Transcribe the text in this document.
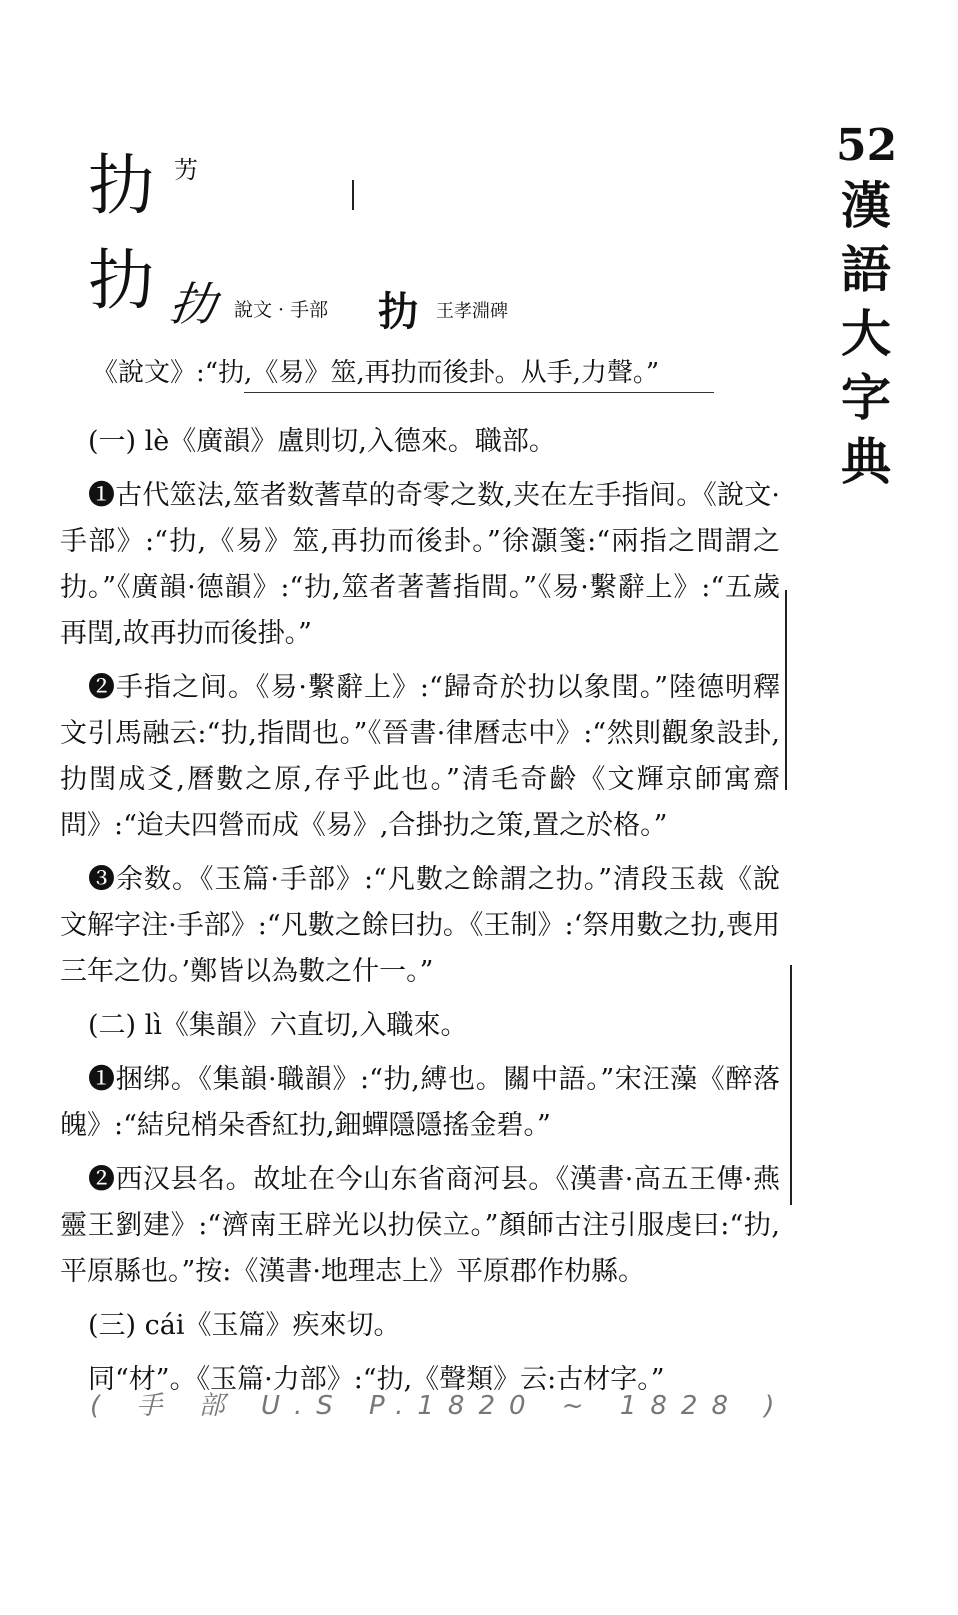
52
漢
語
大
字
典
扐 艻
扐 扐 說文 · 手部 扐 王孝淵碑
《說文》:“扐,《易》筮,再扐而後卦。从手,力聲。”

(一) lè《廣韻》盧則切,入德來。職部。

❶古代筮法,筮者数蓍草的奇零之数,夹在左手指间。《說文·手部》:“扐,《易》筮,再扐而後卦。”徐灝箋:“兩指之間謂之扐。”《廣韻·德韻》:“扐,筮者著蓍指間。”《易·繫辭上》:“五歲再閏,故再扐而後掛。”

❷手指之间。《易·繫辭上》:“歸奇於扐以象閏。”陸德明釋文引馬融云:“扐,指間也。”《晉書·律曆志中》:“然則觀象設卦,扐閏成爻,曆數之原,存乎此也。”清毛奇齡《文輝京師寓齋問》:“迨夫四營而成《易》,合掛扐之策,置之於格。”

❸余数。《玉篇·手部》:“凡數之餘謂之扐。”清段玉裁《說文解字注·手部》:“凡數之餘曰扐。《王制》:‘祭用數之扐,喪用三年之仂。’鄭皆以為數之什一。”

(二) lì《集韻》六直切,入職來。

❶捆绑。《集韻·職韻》:“扐,縛也。關中語。”宋汪藻《醉落魄》:“結兒梢朵香紅扐,鈿蟬隱隱搖金碧。”

❷西汉县名。故址在今山东省商河县。《漢書·高五王傳·燕靈王劉建》:“濟南王辟光以扐侯立。”顏師古注引服虔曰:“扐,平原縣也。”按:《漢書·地理志上》平原郡作朸縣。

(三) cái《玉篇》疾來切。

同“材”。《玉篇·力部》:“扐,《聲類》云:古材字。”

( 手 部 U.S P.1820 ~ 1828 )
